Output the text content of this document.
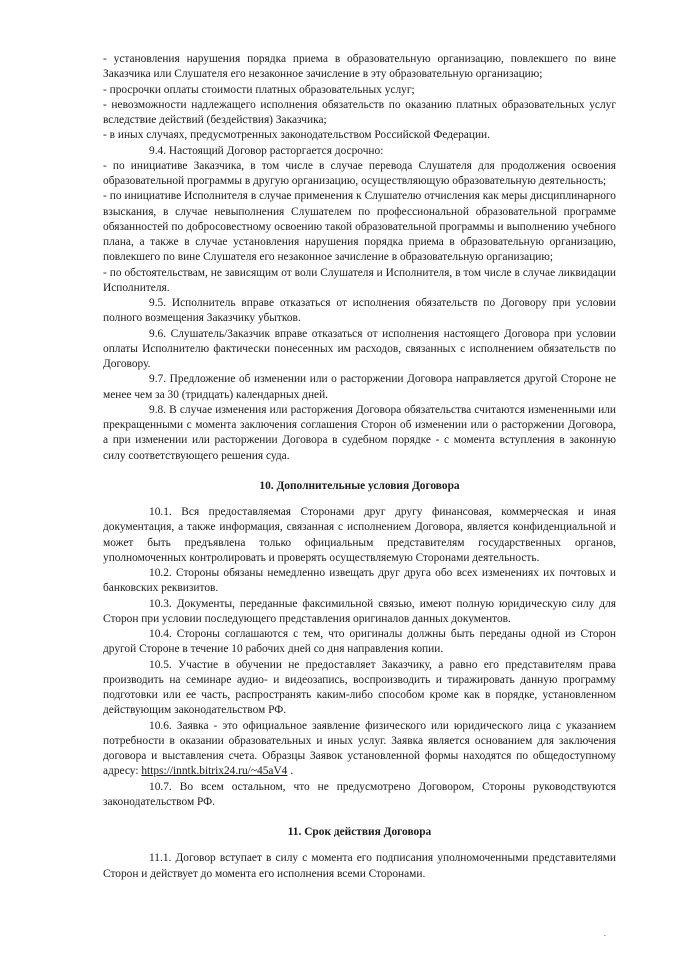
- установления нарушения порядка приема в образовательную организацию, повлекшего по вине Заказчика или Слушателя его незаконное зачисление в эту образовательную организацию;

- просрочки оплаты стоимости платных образовательных услуг;

- невозможности надлежащего исполнения обязательств по оказанию платных образовательных услуг вследствие действий (бездействия) Заказчика;

- в иных случаях, предусмотренных законодательством Российской Федерации.

9.4. Настоящий Договор расторгается досрочно:

- по инициативе Заказчика, в том числе в случае перевода Слушателя для продолжения освоения образовательной программы в другую организацию, осуществляющую образовательную деятельность;

- по инициативе Исполнителя в случае применения к Слушателю отчисления как меры дисциплинарного взыскания, в случае невыполнения Слушателем по профессиональной образовательной программе обязанностей по добросовестному освоению такой образовательной программы и выполнению учебного плана, а также в случае установления нарушения порядка приема в образовательную организацию, повлекшего по вине Слушателя его незаконное зачисление в образовательную организацию;

- по обстоятельствам, не зависящим от воли Слушателя и Исполнителя, в том числе в случае ликвидации Исполнителя.

9.5. Исполнитель вправе отказаться от исполнения обязательств по Договору при условии полного возмещения Заказчику убытков.

9.6. Слушатель/Заказчик вправе отказаться от исполнения настоящего Договора при условии оплаты Исполнителю фактически понесенных им расходов, связанных с исполнением обязательств по Договору.

9.7. Предложение об изменении или о расторжении Договора направляется другой Стороне не менее чем за 30 (тридцать) календарных дней.

9.8. В случае изменения или расторжения Договора обязательства считаются измененными или прекращенными с момента заключения соглашения Сторон об изменении или о расторжении Договора, а при изменении или расторжении Договора в судебном порядке - с момента вступления в законную силу соответствующего решения суда.

10. Дополнительные условия Договора

10.1. Вся предоставляемая Сторонами друг другу финансовая, коммерческая и иная документация, а также информация, связанная с исполнением Договора, является конфиденциальной и может быть предъявлена только официальным представителям государственных органов, уполномоченных контролировать и проверять осуществляемую Сторонами деятельность.

10.2. Стороны обязаны немедленно извещать друг друга обо всех изменениях их почтовых и банковских реквизитов.

10.3. Документы, переданные факсимильной связью, имеют полную юридическую силу для Сторон при условии последующего представления оригиналов данных документов.

10.4. Стороны соглашаются с тем, что оригиналы должны быть переданы одной из Сторон другой Стороне в течение 10 рабочих дней со дня направления копии.

10.5. Участие в обучении не предоставляет Заказчику, а равно его представителям права производить на семинаре аудио- и видеозапись, воспроизводить и тиражировать данную программу подготовки или ее часть, распространять каким-либо способом кроме как в порядке, установленном действующим законодательством РФ.

10.6. Заявка - это официальное заявление физического или юридического лица с указанием потребности в оказании образовательных и иных услуг. Заявка является основанием для заключения договора и выставления счета. Образцы Заявок установленной формы находятся по общедоступному адресу: https://inntk.bitrix24.ru/~45aV4 .

10.7. Во всем остальном, что не предусмотрено Договором, Стороны руководствуются законодательством РФ.

11. Срок действия Договора

11.1. Договор вступает в силу с момента его подписания уполномоченными представителями Сторон и действует до момента его исполнения всеми Сторонами.

.
